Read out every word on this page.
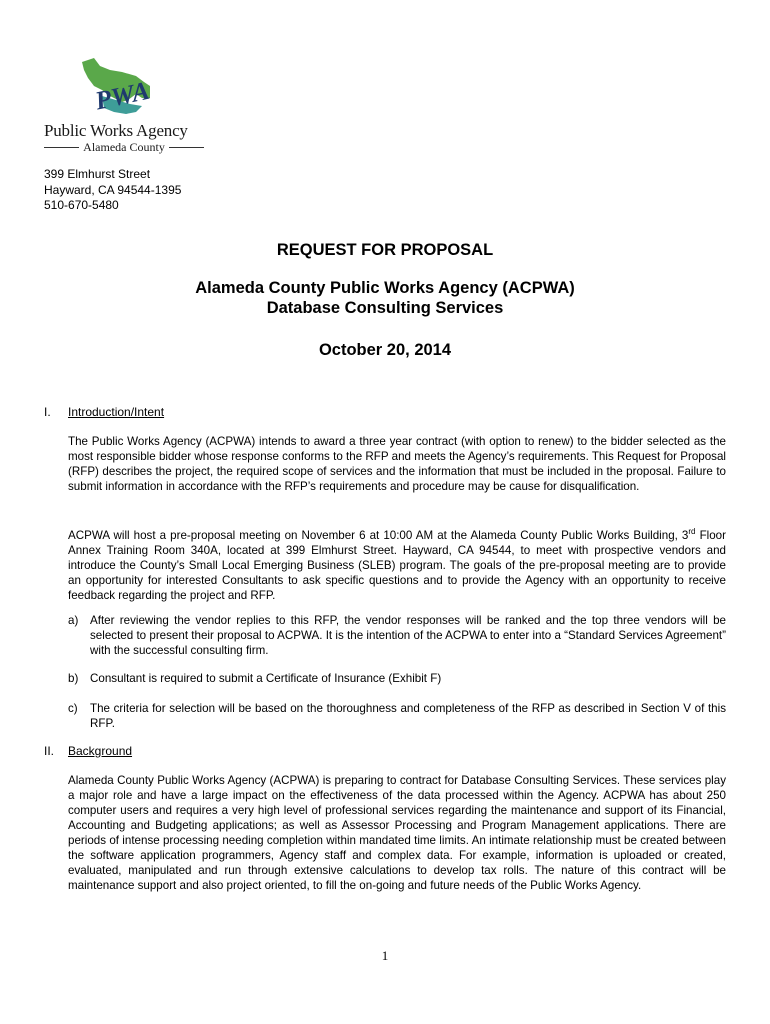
PWA
Public Works Agency
Alameda County
399 Elmhurst Street
Hayward, CA 94544-1395
510-670-5480
REQUEST FOR PROPOSAL
Alameda County Public Works Agency (ACPWA)
Database Consulting Services
October 20, 2014
I. Introduction/Intent
The Public Works Agency (ACPWA) intends to award a three year contract (with option to renew) to the bidder selected as the most responsible bidder whose response conforms to the RFP and meets the Agency’s requirements. This Request for Proposal (RFP) describes the project, the required scope of services and the information that must be included in the proposal. Failure to submit information in accordance with the RFP’s requirements and procedure may be cause for disqualification.
ACPWA will host a pre-proposal meeting on November 6 at 10:00 AM at the Alameda County Public Works Building, 3rd Floor Annex Training Room 340A, located at 399 Elmhurst Street. Hayward, CA 94544, to meet with prospective vendors and introduce the County’s Small Local Emerging Business (SLEB) program. The goals of the pre-proposal meeting are to provide an opportunity for interested Consultants to ask specific questions and to provide the Agency with an opportunity to receive feedback regarding the project and RFP.
a) After reviewing the vendor replies to this RFP, the vendor responses will be ranked and the top three vendors will be selected to present their proposal to ACPWA. It is the intention of the ACPWA to enter into a “Standard Services Agreement” with the successful consulting firm.
b) Consultant is required to submit a Certificate of Insurance (Exhibit F)
c) The criteria for selection will be based on the thoroughness and completeness of the RFP as described in Section V of this RFP.
II. Background
Alameda County Public Works Agency (ACPWA) is preparing to contract for Database Consulting Services. These services play a major role and have a large impact on the effectiveness of the data processed within the Agency. ACPWA has about 250 computer users and requires a very high level of professional services regarding the maintenance and support of its Financial, Accounting and Budgeting applications; as well as Assessor Processing and Program Management applications. There are periods of intense processing needing completion within mandated time limits. An intimate relationship must be created between the software application programmers, Agency staff and complex data. For example, information is uploaded or created, evaluated, manipulated and run through extensive calculations to develop tax rolls. The nature of this contract will be maintenance support and also project oriented, to fill the on-going and future needs of the Public Works Agency.
1
